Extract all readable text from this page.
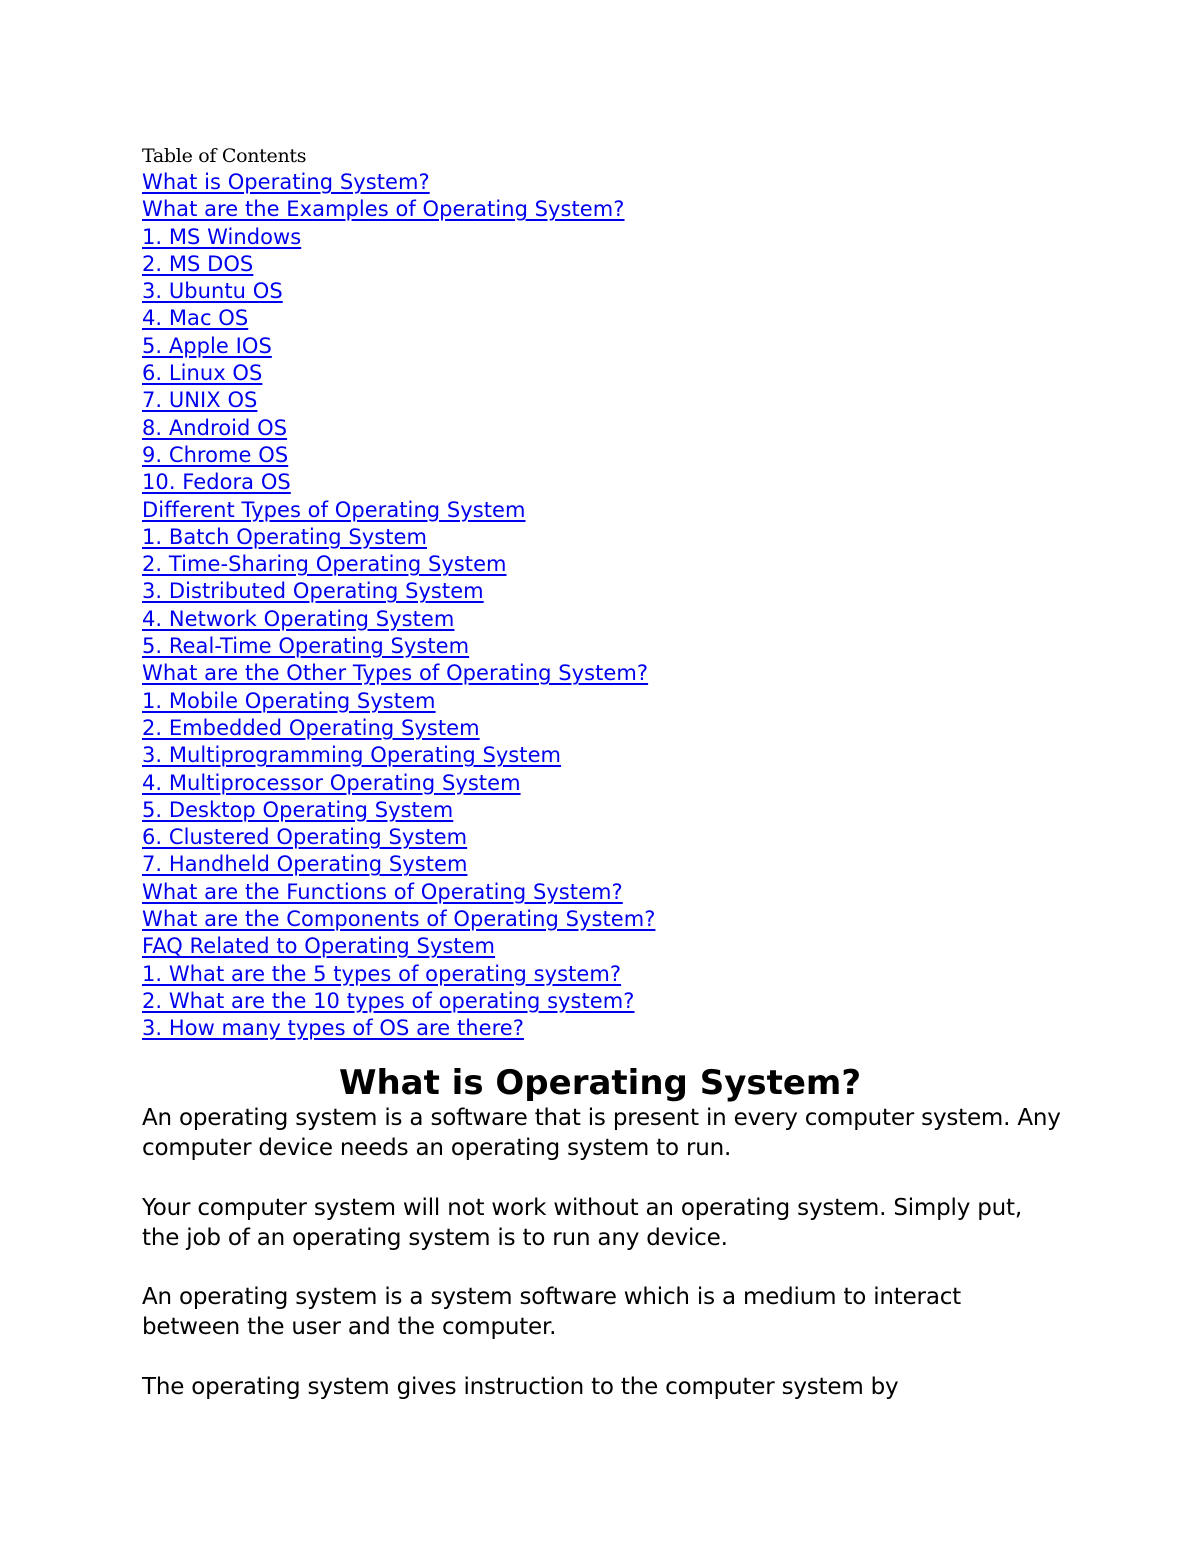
Table of Contents

What is Operating System?
What are the Examples of Operating System?
1. MS Windows
2. MS DOS
3. Ubuntu OS
4. Mac OS
5. Apple IOS
6. Linux OS
7. UNIX OS
8. Android OS
9. Chrome OS
10. Fedora OS
Different Types of Operating System
1. Batch Operating System
2. Time-Sharing Operating System
3. Distributed Operating System
4. Network Operating System
5. Real-Time Operating System
What are the Other Types of Operating System?
1. Mobile Operating System
2. Embedded Operating System
3. Multiprogramming Operating System
4. Multiprocessor Operating System
5. Desktop Operating System
6. Clustered Operating System
7. Handheld Operating System
What are the Functions of Operating System?
What are the Components of Operating System?
FAQ Related to Operating System
1. What are the 5 types of operating system?
2. What are the 10 types of operating system?
3. How many types of OS are there?
What is Operating System?

An operating system is a software that is present in every computer system. Any computer device needs an operating system to run.

Your computer system will not work without an operating system. Simply put, the job of an operating system is to run any device.

An operating system is a system software which is a medium to interact between the user and the computer.

The operating system gives instruction to the computer system by
